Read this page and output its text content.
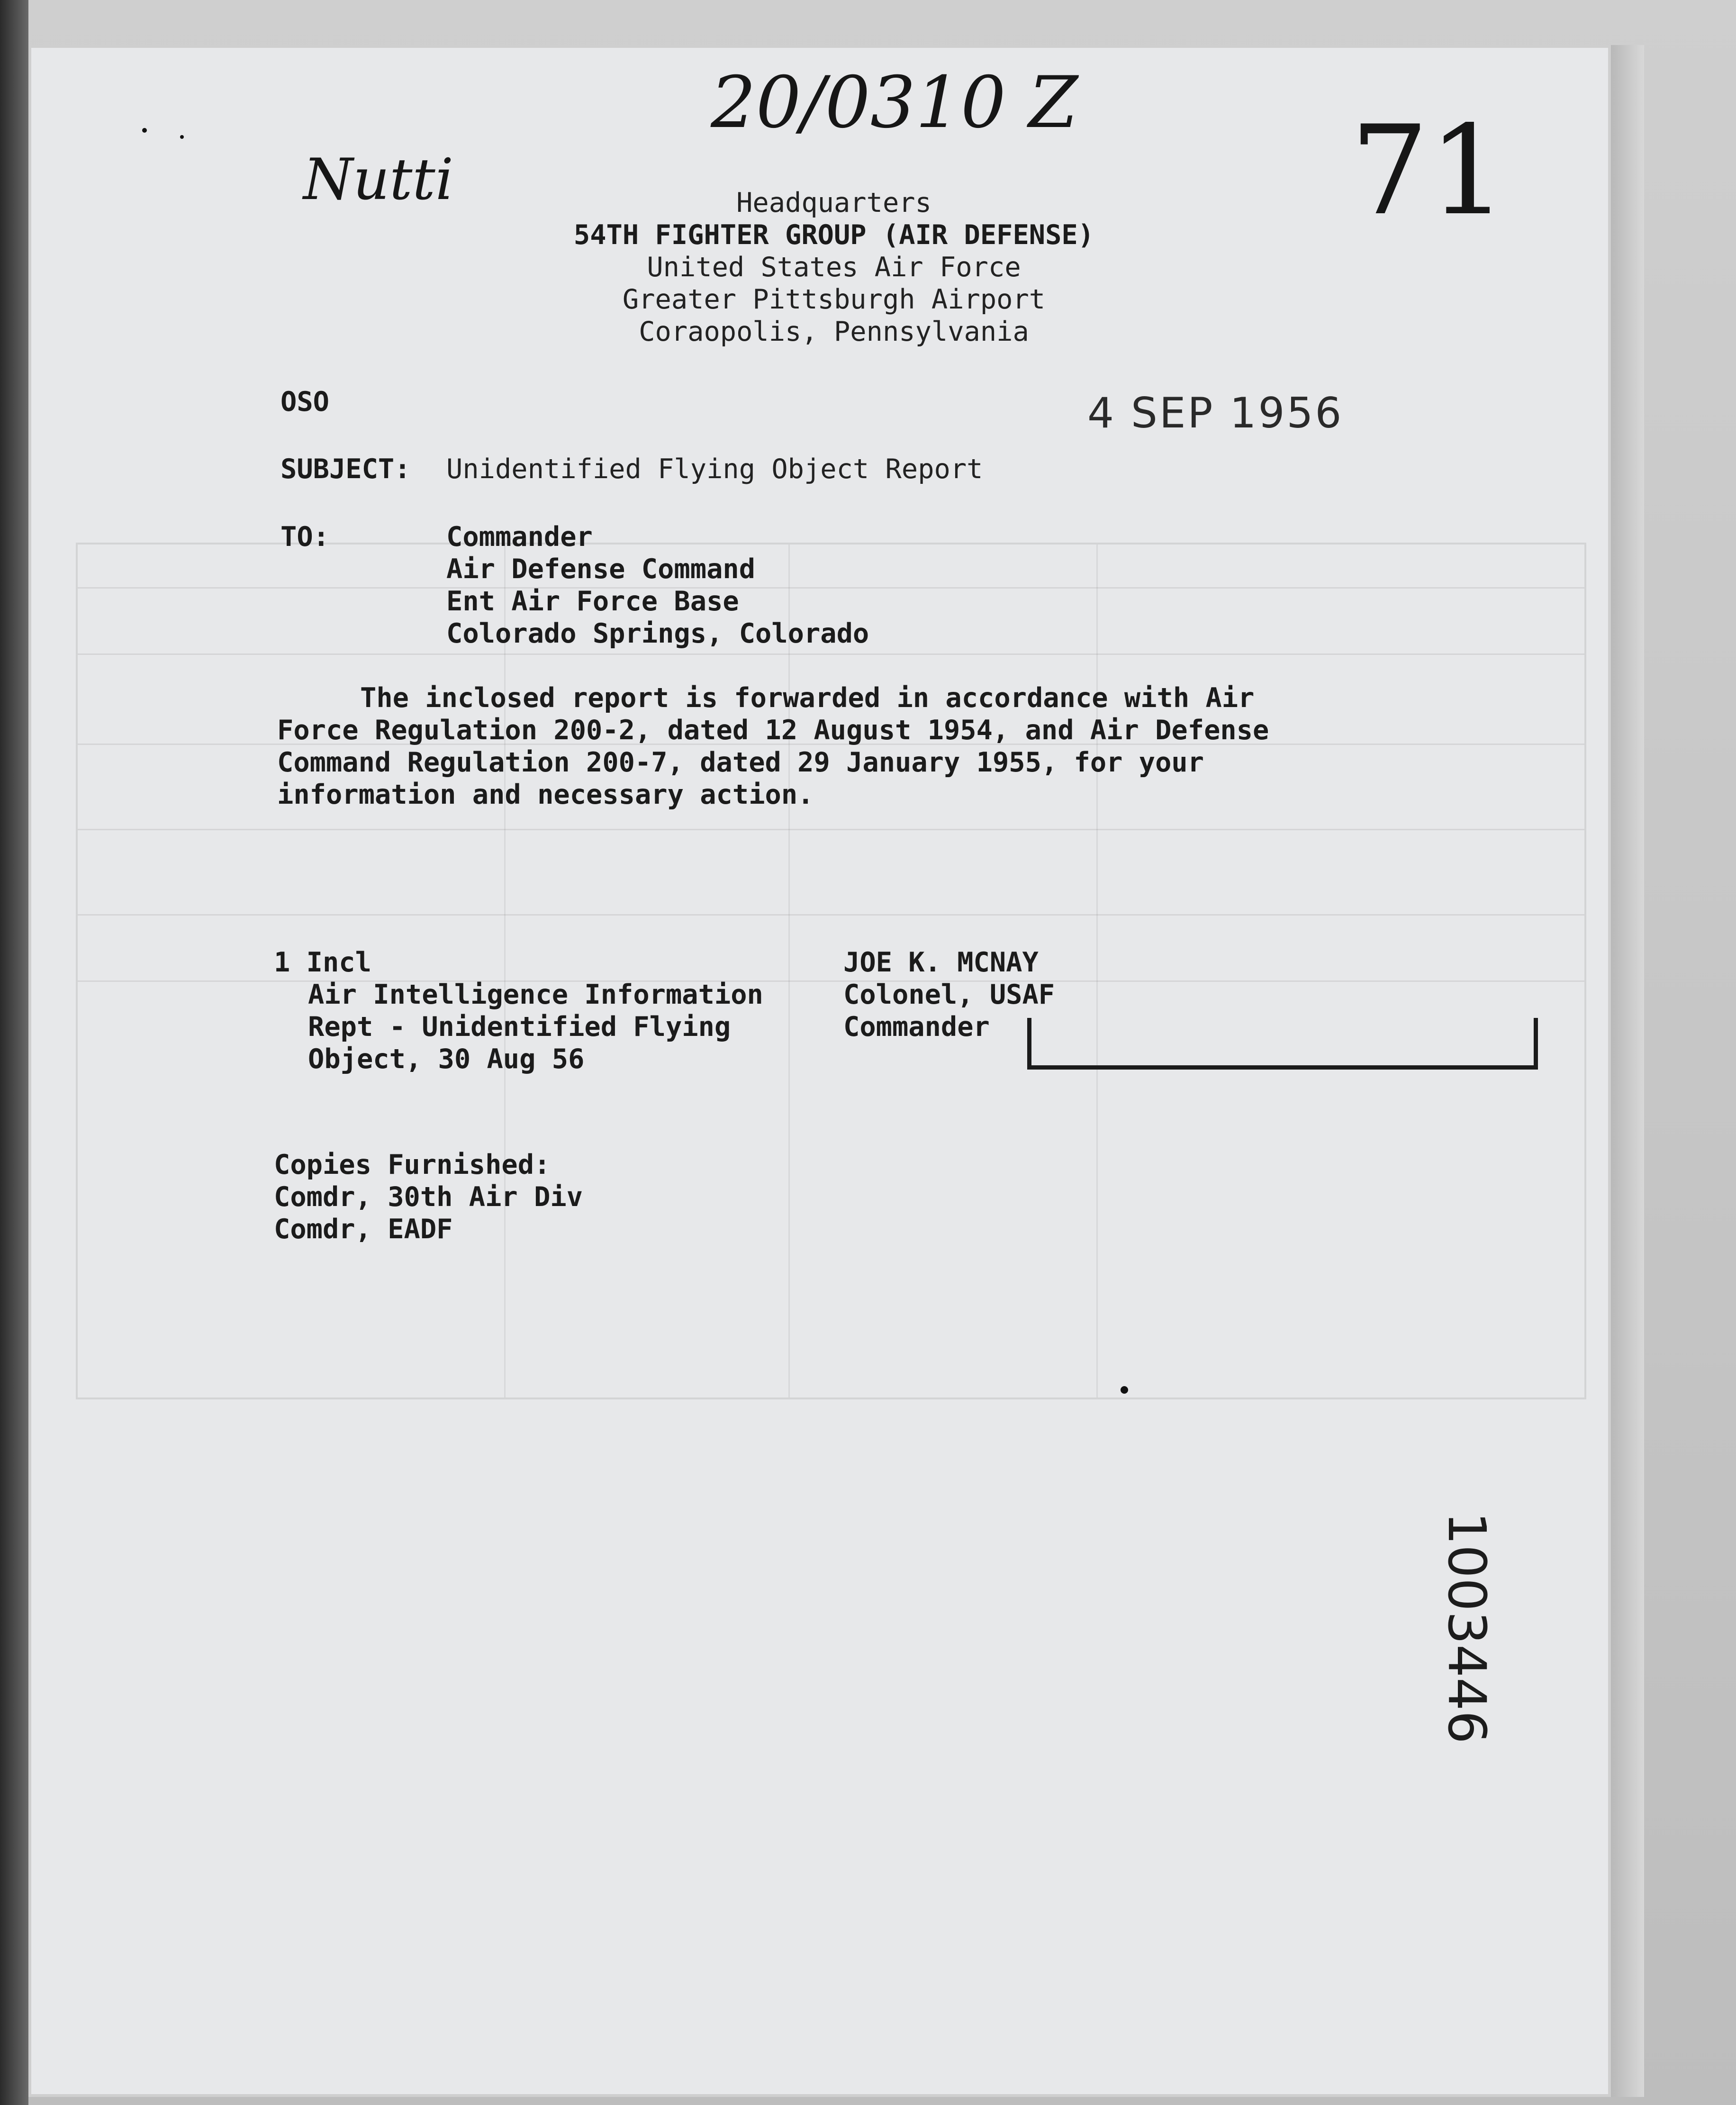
20/0310 Z 71
Nutti	Headquarters
54TH FIGHTER GROUP (AIR DEFENSE)
United States Air Force
Greater Pittsburgh Airport
Coraopolis, Pennsylvania
OSO	4 SEP 1956
SUBJECT: Unidentified Flying Object Report
TO:	Commander
Air Defense Command
Ent Air Force Base
Colorado Springs, Colorado
The inclosed report is forwarded in accordance with Air
Force Regulation 200-2, dated 12 August 1954, and Air Defense
Command Regulation 200-7, dated 29 January 1955, for your
information and necessary action.
1 Incl
Air Intelligence Information
Rept - Unidentified Flying
Object, 30 Aug 56
JOE K. MCNAY
Colonel, USAF
Commander
Copies Furnished:
Comdr, 30th Air Div
Comdr, EADF
1003446
